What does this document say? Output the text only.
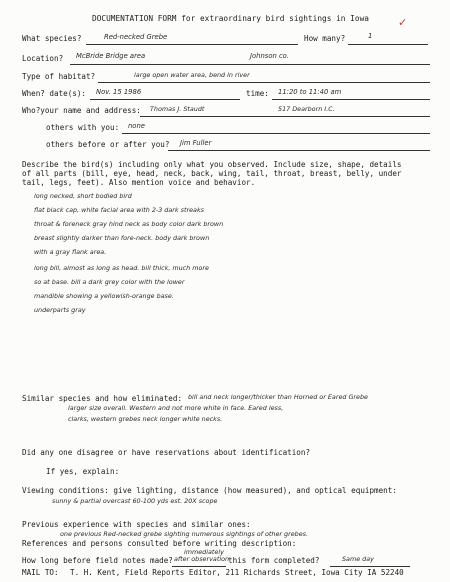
DOCUMENTATION FORM for extraordinary bird sightings in Iowa	✓
What species?	Red-necked Grebe	How many?	1
Location? McBride Bridge area	Johnson co.
Type of habitat?	large open water area, bend in river
When? date(s): Nov. 15 1986	time: 11:20 to 11:40 am
Who?your name and address: Thomas J. Staudt	517 Dearborn I.C.
others with you: none
others before or after you? Jim Fuller
Describe the bird(s) including only what you observed. Include size, shape, details
of all parts (bill, eye, head, neck, back, wing, tail, throat, breast, belly, under
tail, legs, feet). Also mention voice and behavior.
long necked, short bodied bird
flat black cap, white facial area with 2-3 dark streaks
throat & foreneck gray hind neck as body color dark brown
breast slightly darker than fore-neck. body dark brown
with a gray flank area.
long bill, almost as long as head. bill thick, much more
so at base. bill a dark grey color with the lower
mandible showing a yellowish-orange base.
underparts gray
Similar species and how eliminated: bill and neck longer/thicker than Horned or Eared Grebe
larger size overall. Western and not more white in face. Eared less,
clarks, western grebes neck longer white necks.
Did any one disagree or have reservations about identification?
If yes, explain:
Viewing conditions: give lighting, distance (how measured), and optical equipment:
sunny & partial overcast 60-100 yds est. 20X scope
Previous experience with species and similar ones:
one previous Red-necked grebe sighting numerous sightings of other grebes.
References and persons consulted before writing description:
immediately
How long before field notes made? after observation
this form completed?	Same day
MAIL TO: T. H. Kent, Field Reports Editor, 211 Richards Street, Iowa City IA 52240
